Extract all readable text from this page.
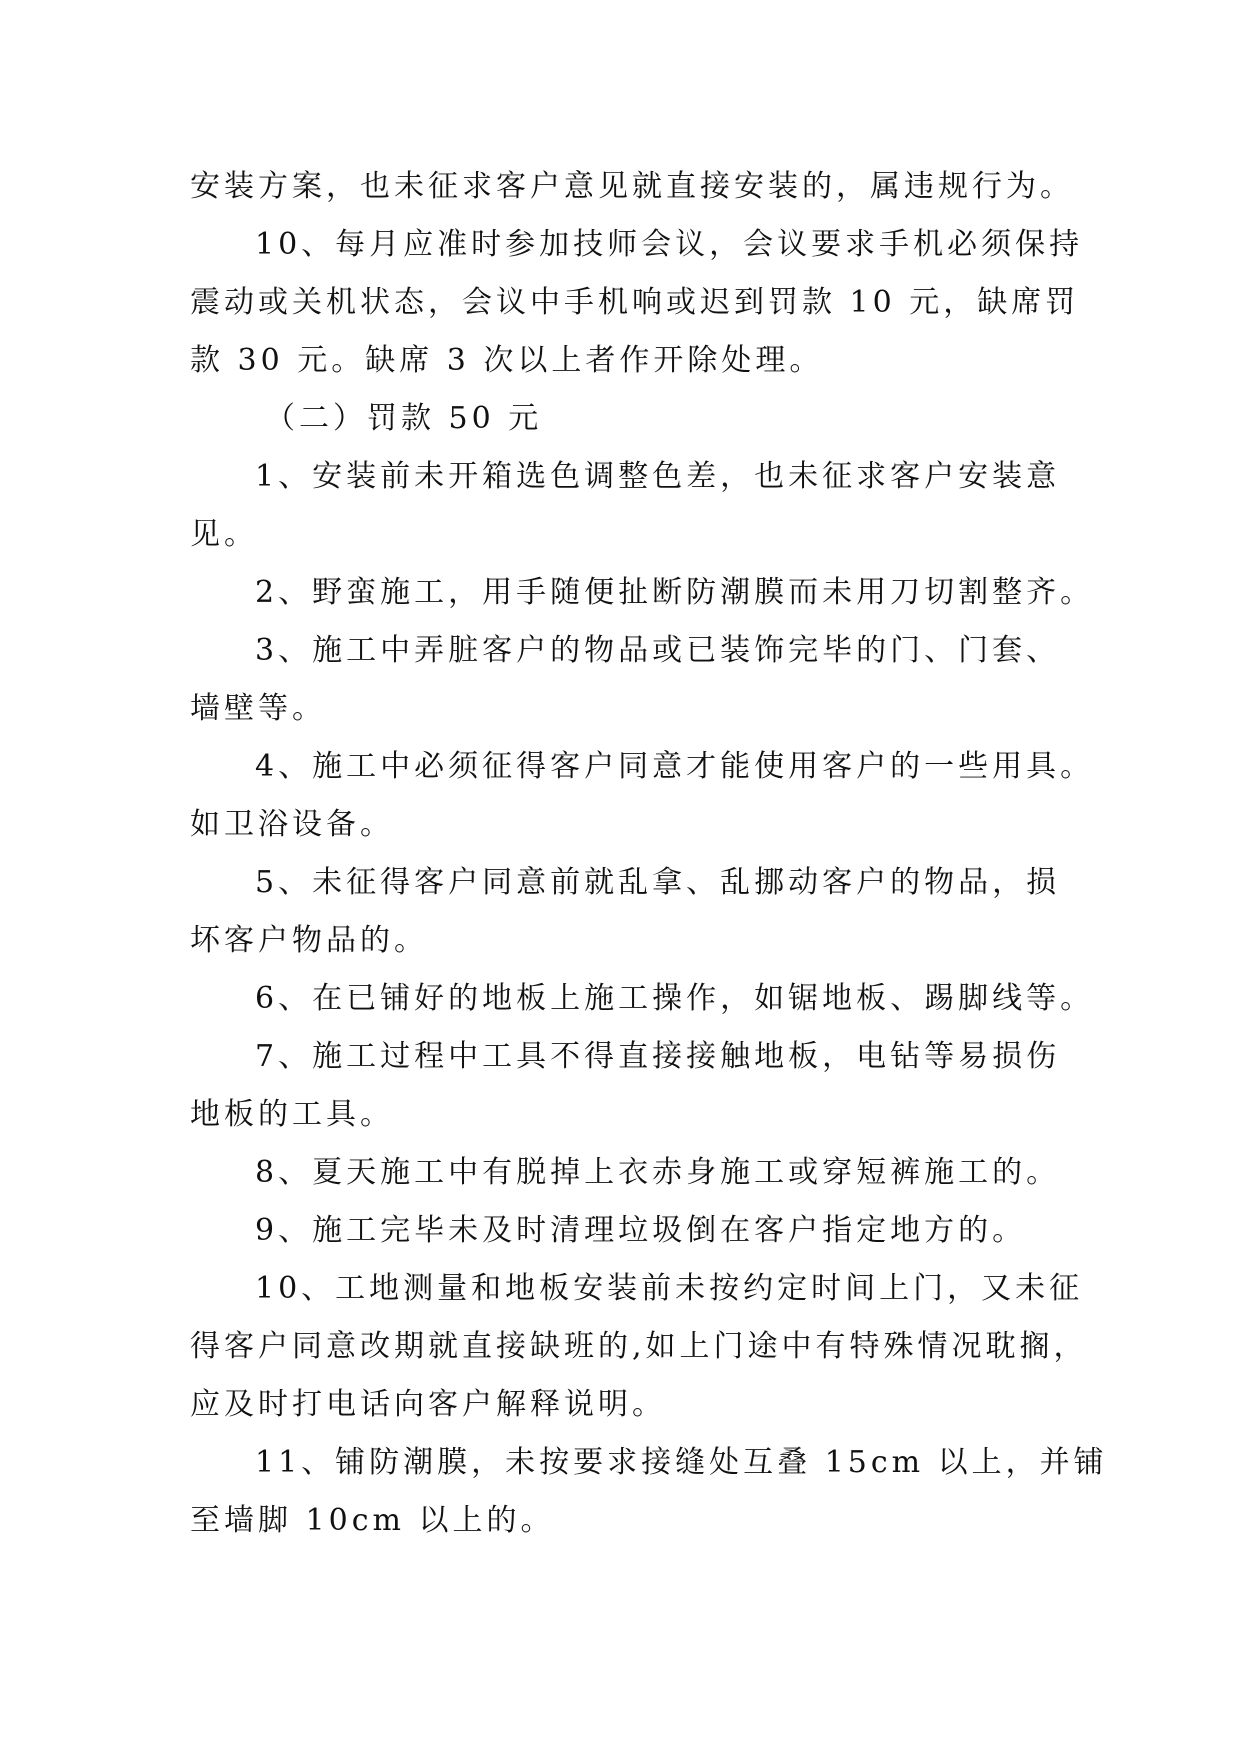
安装方案，也未征求客户意见就直接安装的，属违规行为。
10、每月应准时参加技师会议，会议要求手机必须保持
震动或关机状态，会议中手机响或迟到罚款 10 元，缺席罚
款 30 元。缺席 3 次以上者作开除处理。
（二）罚款 50 元
1、安装前未开箱选色调整色差，也未征求客户安装意
见。
2、野蛮施工，用手随便扯断防潮膜而未用刀切割整齐。
3、施工中弄脏客户的物品或已装饰完毕的门、门套、
墙壁等。
4、施工中必须征得客户同意才能使用客户的一些用具。
如卫浴设备。
5、未征得客户同意前就乱拿、乱挪动客户的物品，损
坏客户物品的。
6、在已铺好的地板上施工操作，如锯地板、踢脚线等。
7、施工过程中工具不得直接接触地板，电钻等易损伤
地板的工具。
8、夏天施工中有脱掉上衣赤身施工或穿短裤施工的。
9、施工完毕未及时清理垃圾倒在客户指定地方的。
10、工地测量和地板安装前未按约定时间上门，又未征
得客户同意改期就直接缺班的,如上门途中有特殊情况耽搁，
应及时打电话向客户解释说明。
11、铺防潮膜，未按要求接缝处互叠 15cm 以上，并铺
至墙脚 10cm 以上的。
